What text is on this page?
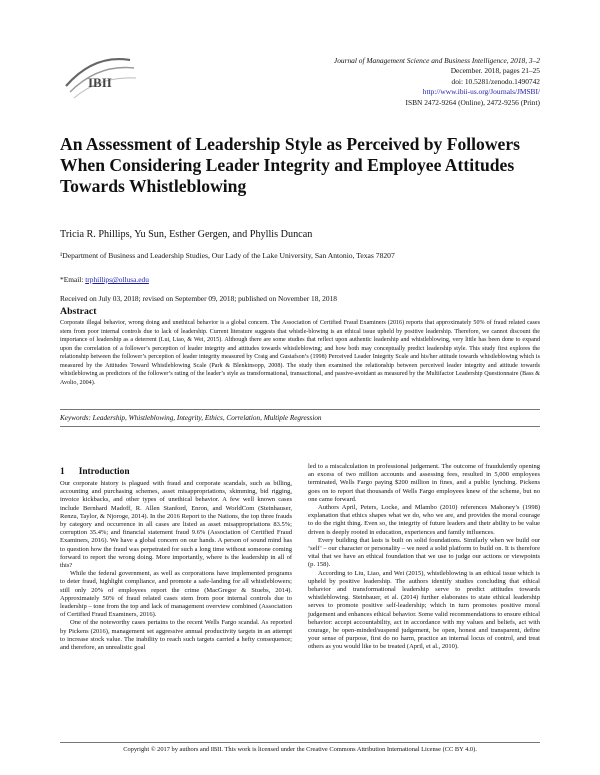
IBII
Journal of Management Science and Business Intelligence, 2018, 3–2
December. 2018, pages 21–25
doi: 10.5281/zenodo.1490742
http://www.ibii-us.org/Journals/JMSBI/
ISBN 2472-9264 (Online), 2472-9256 (Print)
An Assessment of Leadership Style as Perceived by Followers When Considering Leader Integrity and Employee Attitudes Towards Whistleblowing
Tricia R. Phillips, Yu Sun, Esther Gergen, and Phyllis Duncan
¹Department of Business and Leadership Studies, Our Lady of the Lake University, San Antonio, Texas 78207
*Email: trphillips@ollusa.edu
Received on July 03, 2018; revised on September 09, 2018; published on November 18, 2018
Abstract

Corporate illegal behavior, wrong doing and unethical behavior is a global concern. The Association of Certified Fraud Examiners (2016) reports that approximately 50% of fraud related cases stem from poor internal controls due to lack of leadership. Current literature suggests that whistle-blowing is an ethical issue upheld by positive leadership. Therefore, we cannot discount the importance of leadership as a deterrent (Lui, Liao, & Wei, 2015). Although there are some studies that reflect upon authentic leadership and whistleblowing, very little has been done to expand upon the correlation of a follower’s perception of leader integrity and attitudes towards whistleblowing; and how both may conceptually predict leadership style. This study first explores the relationship between the follower’s perception of leader integrity measured by Craig and Gustafson’s (1998) Perceived Leader Integrity Scale and his/her attitude towards whistleblowing which is measured by the Attitudes Toward Whistleblowing Scale (Park & Blenkinsopp, 2008). The study then examined the relationship between perceived leader integrity and attitude towards whistleblowing as predictors of the follower’s rating of the leader’s style as transformational, transactional, and passive-avoidant as measured by the Multifactor Leadership Questionnaire (Bass & Avolio, 2004).

Keywords: Leadership, Whistleblowing, Integrity, Ethics, Correlation, Multiple Regression
1 Introduction

Our corporate history is plagued with fraud and corporate scandals, such as billing, accounting and purchasing schemes, asset misappropriations, skimming, bid rigging, invoice kickbacks, and other types of unethical behavior. A few well known cases include Bernhard Madoff, R. Allen Stanford, Enron, and WorldCom (Steinhauser, Renzu, Taylor, & Njoroge, 2014). In the 2016 Report to the Nations, the top three frauds by category and occurrence in all cases are listed as asset misappropriations 83.5%; corruption 35.4%; and financial statement fraud 9.6% (Association of Certified Fraud Examiners, 2016). We have a global concern on our hands. A person of sound mind has to question how the fraud was perpetrated for such a long time without someone coming forward to report the wrong doing. More importantly, where is the leadership in all of this?

While the federal government, as well as corporations have implemented programs to deter fraud, highlight compliance, and promote a safe-landing for all whistleblowers; still only 20% of employees report the crime (MacGregor & Stuebs, 2014). Approximately 50% of fraud related cases stem from poor internal controls due to leadership – tone from the top and lack of management overview combined (Association of Certified Fraud Examiners, 2016).

One of the noteworthy cases pertains to the recent Wells Fargo scandal. As reported by Pickens (2016), management set aggressive annual productivity targets in an attempt to increase stock value. The inability to reach such targets carried a hefty consequence; and therefore, an unrealistic goal

led to a miscalculation in professional judgement. The outcome of fraudulently opening an excess of two million accounts and assessing fees, resulted in 5,000 employees terminated, Wells Fargo paying $200 million in fines, and a public lynching. Pickens goes on to report that thousands of Wells Fargo employees knew of the scheme, but no one came forward.

Authors April, Peters, Locke, and Mlambo (2010) references Mahoney’s (1998) explanation that ethics shapes what we do, who we are, and provides the moral courage to do the right thing. Even so, the integrity of future leaders and their ability to be value driven is deeply rooted in education, experiences and family influences.

Every building that lasts is built on solid foundations. Similarly when we build our ‘self’ – our character or personality – we need a solid platform to build on. It is therefore vital that we have an ethical foundation that we use to judge our actions or viewpoints (p. 158).

According to Liu, Liao, and Wei (2015), whistleblowing is an ethical issue which is upheld by positive leadership. The authors identify studies concluding that ethical behavior and transformational leadership serve to predict attitudes towards whistleblowing. Steinbauer, et al. (2014) further elaborates to state ethical leadership serves to promote positive self-leadership; which in turn promotes positive moral judgement and enhances ethical behavior. Some valid recommendations to ensure ethical behavior: accept accountability, act in accordance with my values and beliefs, act with courage, be open-minded/suspend judgement, be open, honest and transparent, define your sense of purpose, first do no harm, practice an internal locus of control, and treat others as you would like to be treated (April, et al., 2010).

Copyright © 2017 by authors and IBII. This work is licensed under the Creative Commons Attribution International License (CC BY 4.0).
